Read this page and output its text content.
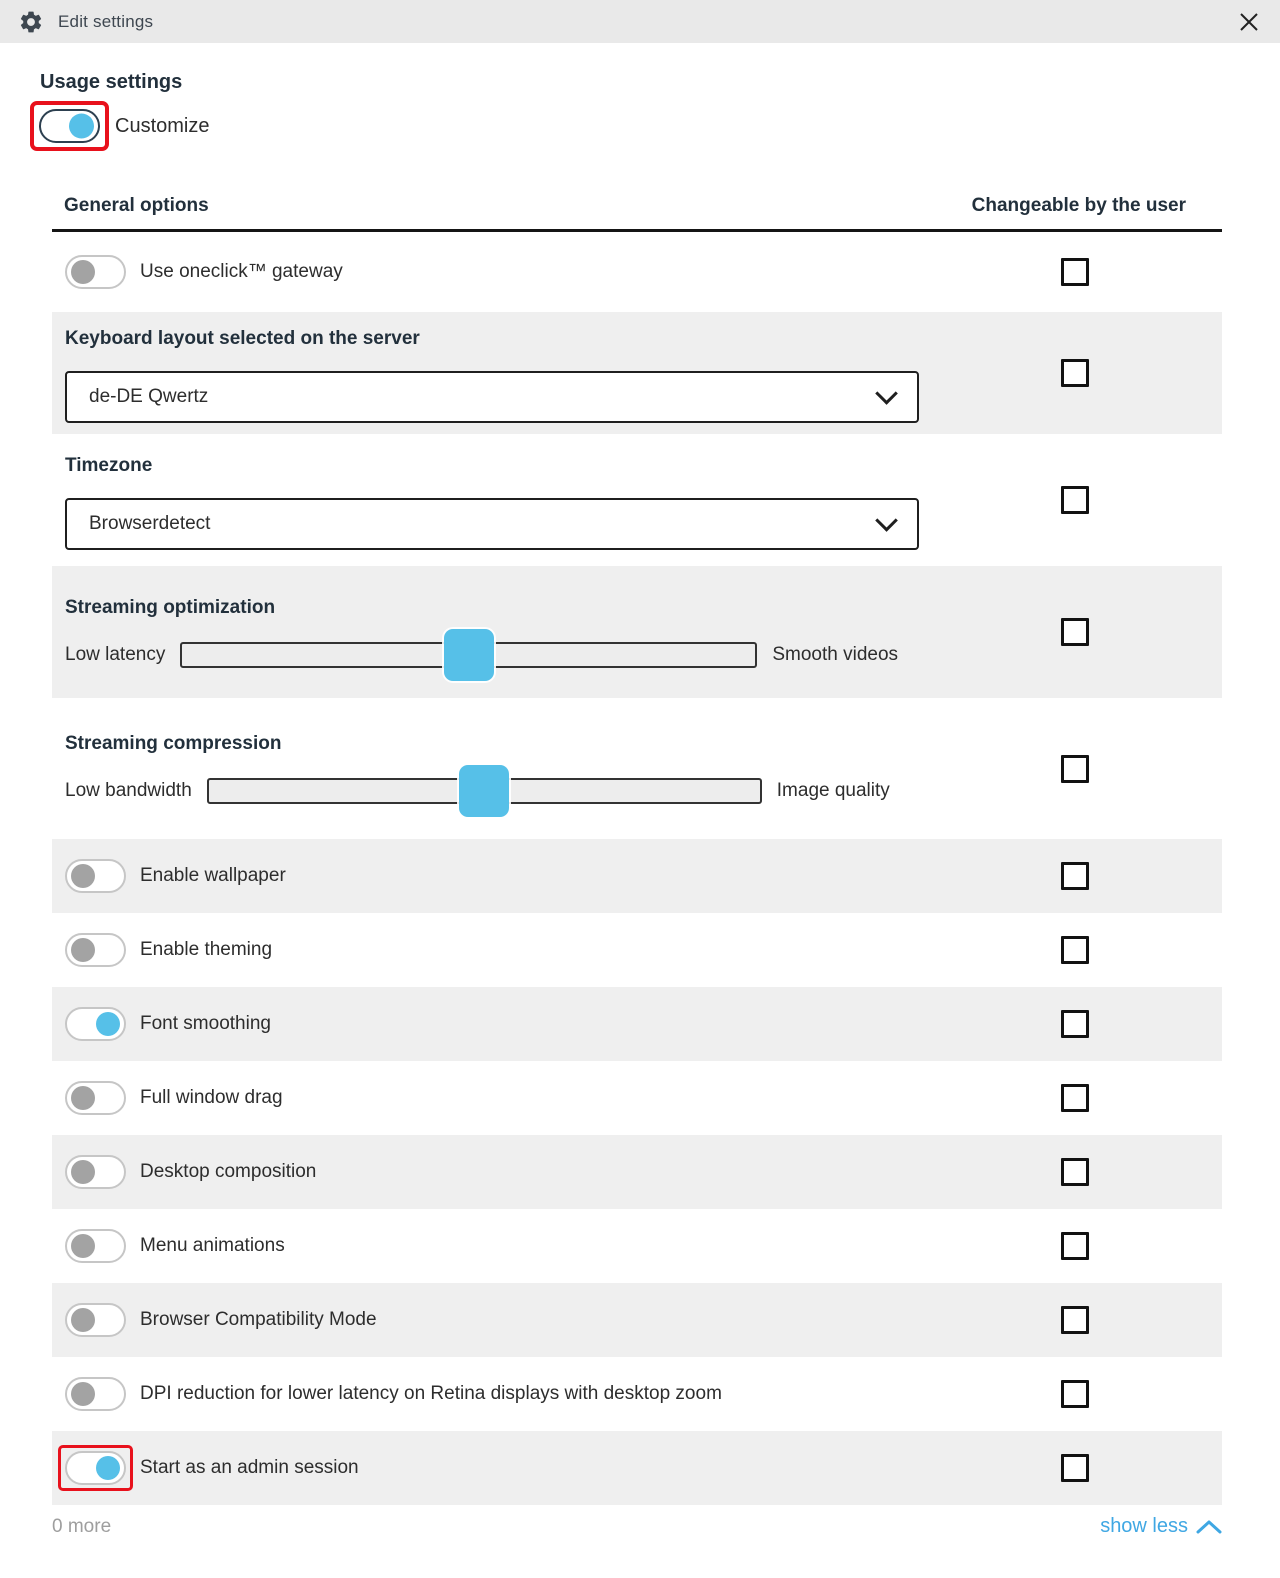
Edit settings
Usage settings
Customize
General options	Changeable by the user
Use oneclick™ gateway
Keyboard layout selected on the server
de-DE Qwertz
Timezone
Browserdetect
Streaming optimization
Low latency	Smooth videos
Streaming compression
Low bandwidth	Image quality
Enable wallpaper
Enable theming
Font smoothing
Full window drag
Desktop composition
Menu animations
Browser Compatibility Mode
DPI reduction for lower latency on Retina displays with desktop zoom
Start as an admin session
0 more	show less
